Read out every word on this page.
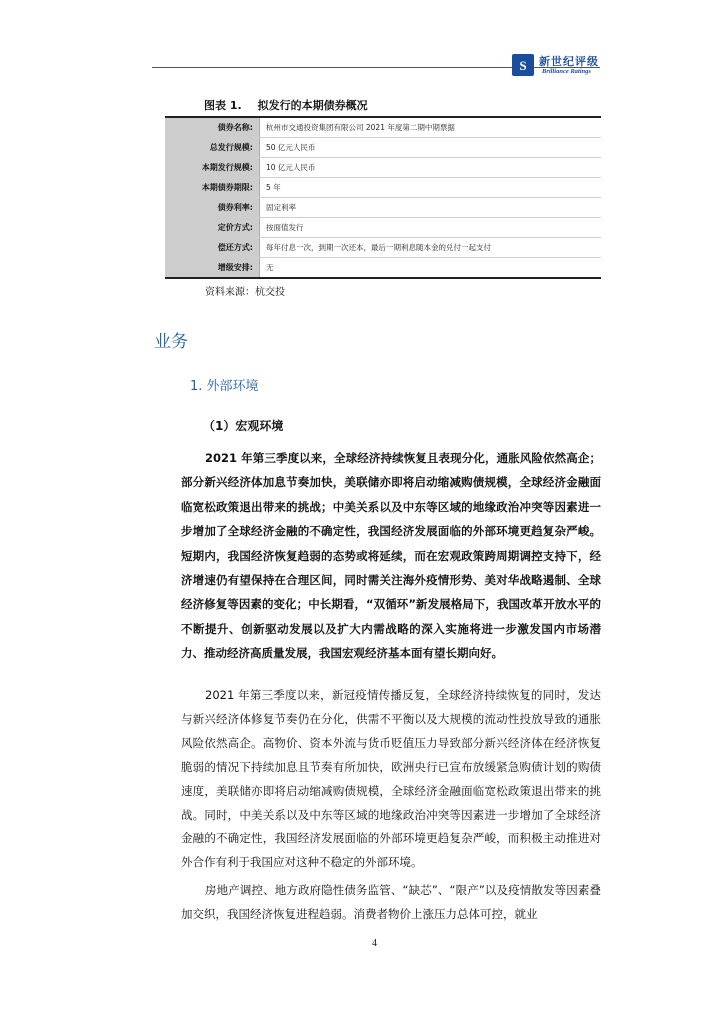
S 新世纪评级
Brilliance Ratings
图表 1. 拟发行的本期债券概况
债券名称:	杭州市交通投资集团有限公司 2021 年度第二期中期票据
总发行规模:	50 亿元人民币
本期发行规模:	10 亿元人民币
本期债券期限:	5 年
债券利率:	固定利率
定价方式:	按面值发行
偿还方式:	每年付息一次，到期一次还本，最后一期利息随本金的兑付一起支付
增级安排:	无
资料来源：杭交投
业务
1. 外部环境
（1）宏观环境

2021 年第三季度以来，全球经济持续恢复且表现分化，通胀风险依然高企；部分新兴经济体加息节奏加快，美联储亦即将启动缩减购债规模，全球经济金融面临宽松政策退出带来的挑战；中美关系以及中东等区域的地缘政治冲突等因素进一步增加了全球经济金融的不确定性，我国经济发展面临的外部环境更趋复杂严峻。短期内，我国经济恢复趋弱的态势或将延续，而在宏观政策跨周期调控支持下，经济增速仍有望保持在合理区间，同时需关注海外疫情形势、美对华战略遏制、全球经济修复等因素的变化；中长期看，“双循环”新发展格局下，我国改革开放水平的不断提升、创新驱动发展以及扩大内需战略的深入实施将进一步激发国内市场潜力、推动经济高质量发展，我国宏观经济基本面有望长期向好。

2021 年第三季度以来，新冠疫情传播反复，全球经济持续恢复的同时，发达与新兴经济体修复节奏仍在分化，供需不平衡以及大规模的流动性投放导致的通胀风险依然高企。高物价、资本外流与货币贬值压力导致部分新兴经济体在经济恢复脆弱的情况下持续加息且节奏有所加快，欧洲央行已宣布放缓紧急购债计划的购债速度，美联储亦即将启动缩减购债规模，全球经济金融面临宽松政策退出带来的挑战。同时，中美关系以及中东等区域的地缘政治冲突等因素进一步增加了全球经济金融的不确定性，我国经济发展面临的外部环境更趋复杂严峻，而积极主动推进对外合作有利于我国应对这种不稳定的外部环境。

房地产调控、地方政府隐性债务监管、“缺芯”、“限产”以及疫情散发等因素叠加交织，我国经济恢复进程趋弱。消费者物价上涨压力总体可控，就业

4
